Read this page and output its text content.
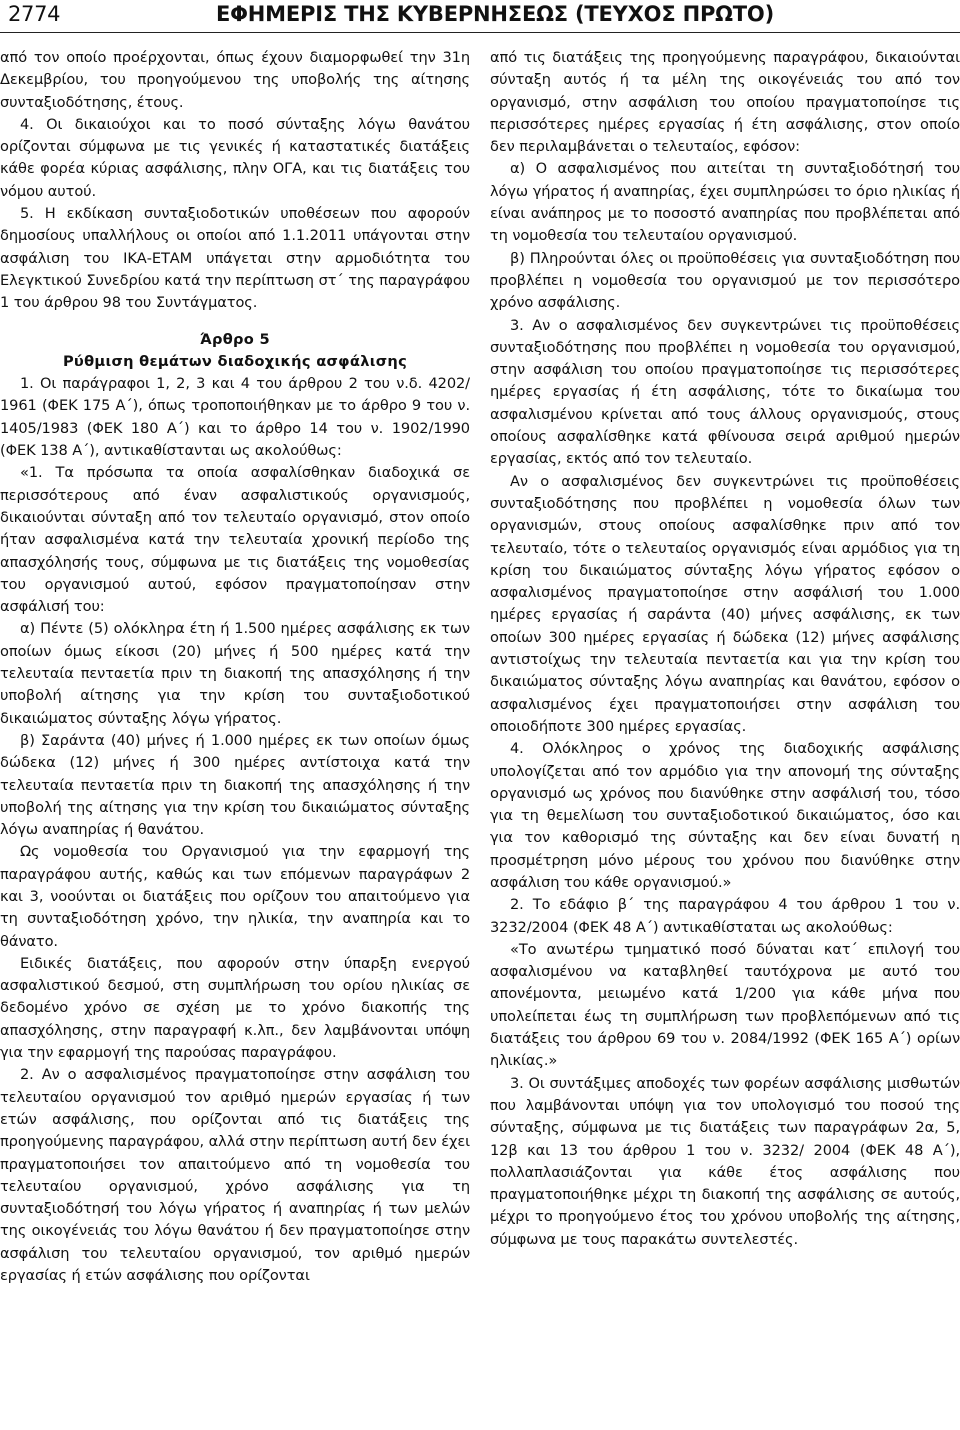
2774	ΕΦΗΜΕΡΙΣ ΤΗΣ ΚΥΒΕΡΝΗΣΕΩΣ (ΤΕΥΧΟΣ ΠΡΩΤΟ)

από τον οποίο προέρχονται, όπως έχουν διαμορφωθεί την 31η Δεκεμβρίου, του προηγούμενου της υποβολής της αίτησης συνταξιοδότησης, έτους.

4. Οι δικαιούχοι και το ποσό σύνταξης λόγω θανάτου ορίζονται σύμφωνα με τις γενικές ή καταστατικές διατάξεις κάθε φορέα κύριας ασφάλισης, πλην ΟΓΑ, και τις διατάξεις του νόμου αυτού.

5. Η εκδίκαση συνταξιοδοτικών υποθέσεων που αφορούν δημοσίους υπαλλήλους οι οποίοι από 1.1.2011 υπάγονται στην ασφάλιση του ΙΚΑ-ΕΤΑΜ υπάγεται στην αρμοδιότητα του Ελεγκτικού Συνεδρίου κατά την περίπτωση στ΄ της παραγράφου 1 του άρθρου 98 του Συντάγματος.

Άρθρο 5

Ρύθμιση θεμάτων διαδοχικής ασφάλισης

1. Οι παράγραφοι 1, 2, 3 και 4 του άρθρου 2 του ν.δ. 4202/ 1961 (ΦΕΚ 175 Α΄), όπως τροποποιήθηκαν με το άρθρο 9 του ν. 1405/1983 (ΦΕΚ 180 Α΄) και το άρθρο 14 του ν. 1902/1990 (ΦΕΚ 138 Α΄), αντικαθίστανται ως ακολούθως:

«1. Τα πρόσωπα τα οποία ασφαλίσθηκαν διαδοχικά σε περισσότερους από έναν ασφαλιστικούς οργανισμούς, δικαιούνται σύνταξη από τον τελευταίο οργανισμό, στον οποίο ήταν ασφαλισμένα κατά την τελευταία χρονική περίοδο της απασχόλησής τους, σύμφωνα με τις διατάξεις της νομοθεσίας του οργανισμού αυτού, εφόσον πραγματοποίησαν στην ασφάλισή του:

α) Πέντε (5) ολόκληρα έτη ή 1.500 ημέρες ασφάλισης εκ των οποίων όμως είκοσι (20) μήνες ή 500 ημέρες κατά την τελευταία πενταετία πριν τη διακοπή της απασχόλησης ή την υποβολή αίτησης για την κρίση του συνταξιοδοτικού δικαιώματος σύνταξης λόγω γήρατος.

β) Σαράντα (40) μήνες ή 1.000 ημέρες εκ των οποίων όμως δώδεκα (12) μήνες ή 300 ημέρες αντίστοιχα κατά την τελευταία πενταετία πριν τη διακοπή της απασχόλησης ή την υποβολή της αίτησης για την κρίση του δικαιώματος σύνταξης λόγω αναπηρίας ή θανάτου.

Ως νομοθεσία του Οργανισμού για την εφαρμογή της παραγράφου αυτής, καθώς και των επόμενων παραγράφων 2 και 3, νοούνται οι διατάξεις που ορίζουν του απαιτούμενο για τη συνταξιοδότηση χρόνο, την ηλικία, την αναπηρία και το θάνατο.

Ειδικές διατάξεις, που αφορούν στην ύπαρξη ενεργού ασφαλιστικού δεσμού, στη συμπλήρωση του ορίου ηλικίας σε δεδομένο χρόνο σε σχέση με το χρόνο διακοπής της απασχόλησης, στην παραγραφή κ.λπ., δεν λαμβάνονται υπόψη για την εφαρμογή της παρούσας παραγράφου.

2. Αν ο ασφαλισμένος πραγματοποίησε στην ασφάλιση του τελευταίου οργανισμού τον αριθμό ημερών εργασίας ή των ετών ασφάλισης, που ορίζονται από τις διατάξεις της προηγούμενης παραγράφου, αλλά στην περίπτωση αυτή δεν έχει πραγματοποιήσει τον απαιτούμενο από τη νομοθεσία του τελευταίου οργανισμού, χρόνο ασφάλισης για τη συνταξιοδότησή του λόγω γήρατος ή αναπηρίας ή των μελών της οικογένειάς του λόγω θανάτου ή δεν πραγματοποίησε στην ασφάλιση του τελευταίου οργανισμού, τον αριθμό ημερών εργασίας ή ετών ασφάλισης που ορίζονται

από τις διατάξεις της προηγούμενης παραγράφου, δικαιούνται σύνταξη αυτός ή τα μέλη της οικογένειάς του από τον οργανισμό, στην ασφάλιση του οποίου πραγματοποίησε τις περισσότερες ημέρες εργασίας ή έτη ασφάλισης, στον οποίο δεν περιλαμβάνεται ο τελευταίος, εφόσον:

α) Ο ασφαλισμένος που αιτείται τη συνταξιοδότησή του λόγω γήρατος ή αναπηρίας, έχει συμπληρώσει το όριο ηλικίας ή είναι ανάπηρος με το ποσοστό αναπηρίας που προβλέπεται από τη νομοθεσία του τελευταίου οργανισμού.

β) Πληρούνται όλες οι προϋποθέσεις για συνταξιοδότηση που προβλέπει η νομοθεσία του οργανισμού με τον περισσότερο χρόνο ασφάλισης.

3. Αν ο ασφαλισμένος δεν συγκεντρώνει τις προϋποθέσεις συνταξιοδότησης που προβλέπει η νομοθεσία του οργανισμού, στην ασφάλιση του οποίου πραγματοποίησε τις περισσότερες ημέρες εργασίας ή έτη ασφάλισης, τότε το δικαίωμα του ασφαλισμένου κρίνεται από τους άλλους οργανισμούς, στους οποίους ασφαλίσθηκε κατά φθίνουσα σειρά αριθμού ημερών εργασίας, εκτός από τον τελευταίο.

Αν ο ασφαλισμένος δεν συγκεντρώνει τις προϋποθέσεις συνταξιοδότησης που προβλέπει η νομοθεσία όλων των οργανισμών, στους οποίους ασφαλίσθηκε πριν από τον τελευταίο, τότε ο τελευταίος οργανισμός είναι αρμόδιος για τη κρίση του δικαιώματος σύνταξης λόγω γήρατος εφόσον ο ασφαλισμένος πραγματοποίησε στην ασφάλισή του 1.000 ημέρες εργασίας ή σαράντα (40) μήνες ασφάλισης, εκ των οποίων 300 ημέρες εργασίας ή δώδεκα (12) μήνες ασφάλισης αντιστοίχως την τελευταία πενταετία και για την κρίση του δικαιώματος σύνταξης λόγω αναπηρίας και θανάτου, εφόσον ο ασφαλισμένος έχει πραγματοποιήσει στην ασφάλιση του οποιοδήποτε 300 ημέρες εργασίας.

4. Ολόκληρος ο χρόνος της διαδοχικής ασφάλισης υπολογίζεται από τον αρμόδιο για την απονομή της σύνταξης οργανισμό ως χρόνος που διανύθηκε στην ασφάλισή του, τόσο για τη θεμελίωση του συνταξιοδοτικού δικαιώματος, όσο και για τον καθορισμό της σύνταξης και δεν είναι δυνατή η προσμέτρηση μόνο μέρους του χρόνου που διανύθηκε στην ασφάλιση του κάθε οργανισμού.»

2. Το εδάφιο β΄ της παραγράφου 4 του άρθρου 1 του ν. 3232/2004 (ΦΕΚ 48 Α΄) αντικαθίσταται ως ακολούθως:

«Το ανωτέρω τμηματικό ποσό δύναται κατ΄ επιλογή του ασφαλισμένου να καταβληθεί ταυτόχρονα με αυτό του απονέμοντα, μειωμένο κατά 1/200 για κάθε μήνα που υπολείπεται έως τη συμπλήρωση των προβλεπόμενων από τις διατάξεις του άρθρου 69 του ν. 2084/1992 (ΦΕΚ 165 Α΄) ορίων ηλικίας.»

3. Οι συντάξιμες αποδοχές των φορέων ασφάλισης μισθωτών που λαμβάνονται υπόψη για τον υπολογισμό του ποσού της σύνταξης, σύμφωνα με τις διατάξεις των παραγράφων 2α, 5, 12β και 13 του άρθρου 1 του ν. 3232/ 2004 (ΦΕΚ 48 Α΄), πολλαπλασιάζονται για κάθε έτος ασφάλισης που πραγματοποιήθηκε μέχρι τη διακοπή της ασφάλισης σε αυτούς, μέχρι το προηγούμενο έτος του χρόνου υποβολής της αίτησης, σύμφωνα με τους παρακάτω συντελεστές.
